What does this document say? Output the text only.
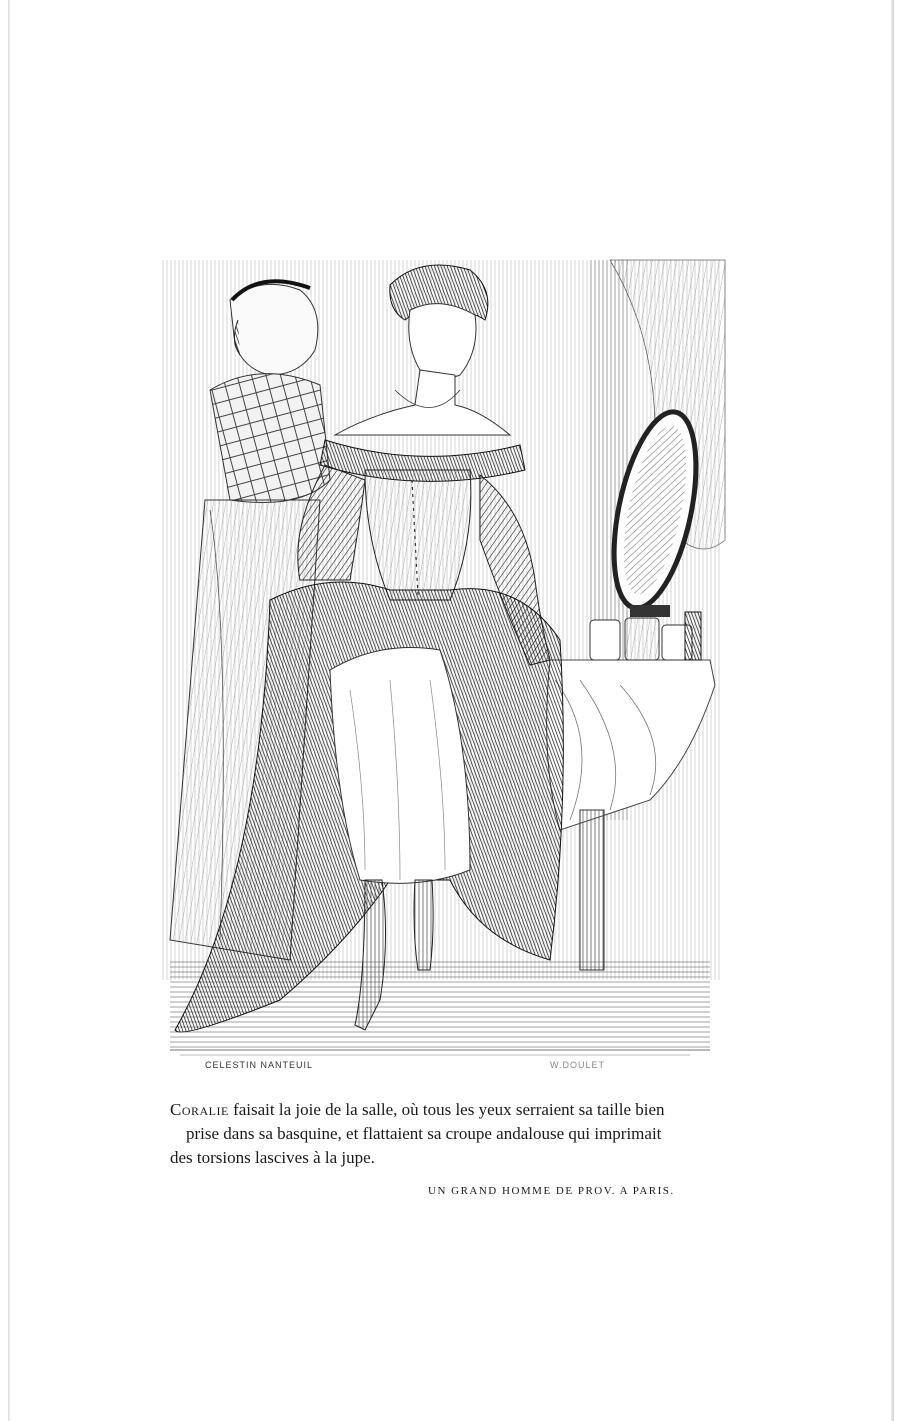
CELESTIN NANTEUIL	W.DOULET
Coralie faisait la joie de la salle, où tous les yeux serraient sa taille bien
prise dans sa basquine, et flattaient sa croupe andalouse qui imprimait
des torsions lascives à la jupe.
UN GRAND HOMME DE PROV. A PARIS.
